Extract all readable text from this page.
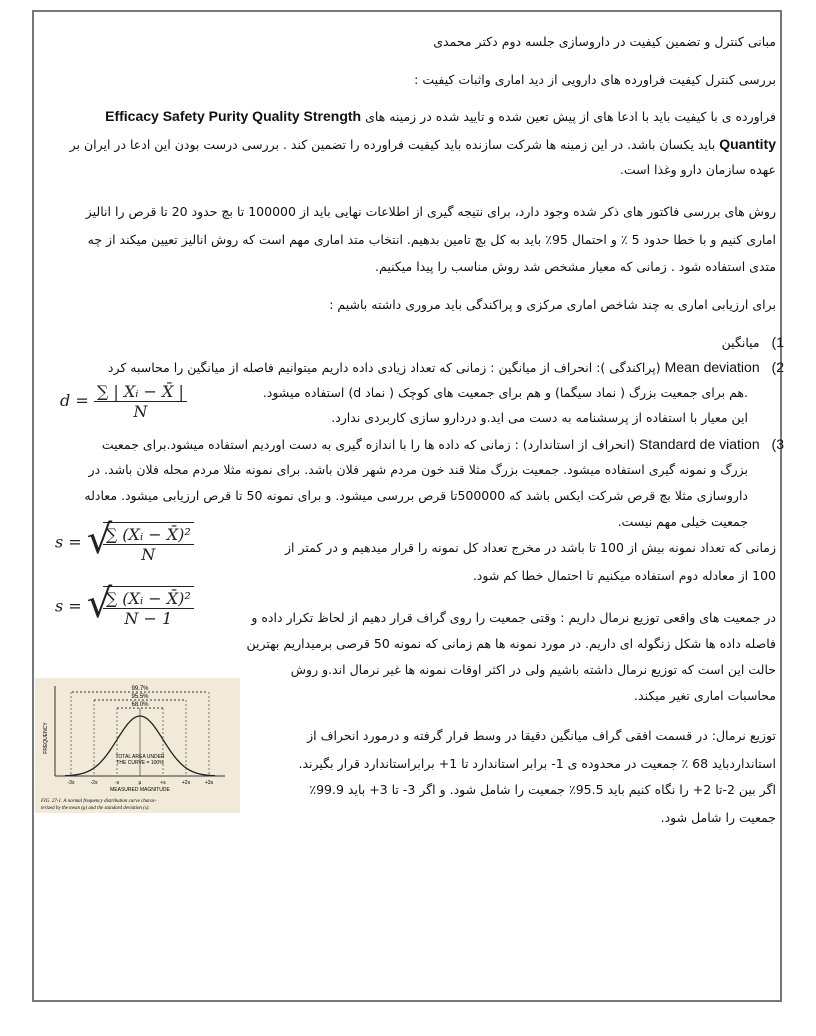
مبانی کنترل و تضمین کیفیت در داروسازی جلسه دوم دکتر محمدی
بررسی کنترل کیفیت فراورده های دارویی از دید اماری واثبات کیفیت :
فراورده ی با کیفیت باید با ادعا های از پیش تعین شده و تایید شده در زمینه های Efficacy Safety Purity Quality Strength
Quantity باید یکسان باشد. در این زمینه ها شرکت سازنده باید کیفیت فراورده را تضمین کند . بررسی درست بودن این ادعا در ایران بر
عهده سازمان دارو وغذا است.
روش های بررسی فاکتور های ذکر شده وجود دارد، برای نتیجه گیری از اطلاعات نهایی باید از 100000 تا بچ حدود 20 تا قرص را انالیز
اماری کنیم و با خطا حدود 5 ٪ و احتمال 95٪ باید به کل بچ تامین بدهیم. انتخاب متد اماری مهم است که روش انالیز تعیین میکند از چه
متدی استفاده شود . زمانی که معیار مشخص شد روش مناسب را پیدا میکنیم.
برای ارزیابی اماری به چند شاخص اماری مرکزی و پراکندگی باید مروری داشته باشیم :
1)   میانگین
2)   Mean deviation (پراکندگی ): انحراف از میانگین : زمانی که تعداد زیادی داده داریم میتوانیم فاصله از میانگین را محاسبه کرد
.هم برای جمعیت بزرگ ( نماد سیگما) و هم برای جمعیت های کوچک ( نماد d) استفاده میشود.
این معیار با استفاده از پرسشنامه به دست می اید.و دردارو سازی کاربردی ندارد.
$d = \frac{\text{∑ | Xᵢ − X̄ |}}{N}$
3)   Standard de viation (انحراف از استاندارد) : زمانی که داده ها را با اندازه گیری به دست اوردیم استفاده میشود.برای جمعیت
بزرگ و نمونه گیری استفاده میشود. جمعیت بزرگ مثلا قند خون مردم شهر فلان باشد. برای نمونه مثلا مردم محله فلان باشد. در
داروسازی مثلا بچ قرص شرکت ایکس باشد که 500000تا قرص بررسی میشود. و برای نمونه 50 تا قرص ارزیابی میشود. معادله
جمعیت خیلی مهم نیست.
s = √
$\frac{\text{∑ (Xᵢ − X̄)²}}{N}$	زمانی که تعداد نمونه بیش از 100 تا باشد در مخرج تعداد کل نمونه را قرار میدهیم و در کمتر از
100 از معادله دوم استفاده میکنیم تا احتمال خطا کم شود.
s = √
$\frac{\text{∑ (Xᵢ − X̄)²}}{N - 1}$	در جمعیت های واقعی توزیع نرمال داریم : وقتی جمعیت را روی گراف قرار دهیم از لحاظ تکرار داده و
فاصله داده ها شکل زنگوله ای داریم. در مورد نمونه ها هم زمانی که نمونه 50 قرصی برمیداریم بهترین
حالت این است که توزیع نرمال داشته باشیم ولی در اکثر اوقات نمونه ها غیر نرمال اند.و روش
محاسبات اماری تغیر میکند.
توزیع نرمال: در قسمت افقی گراف میانگین دقیقا در وسط قرار گرفته و درمورد انحراف از
استانداردباید 68 ٪ جمعیت در محدوده ی 1- برابر استاندارد تا 1+ برابراستاندارد قرار بگیرند.
اگر بین 2-تا 2+ را نگاه کنیم باید 95.5٪ جمعیت را شامل شود. و اگر 3- تا 3+ باید 99.9٪
جمعیت را شامل شود.
99.7%
95.5%
68.0%
TOTAL AREA UNDER
THE CURVE = 100%
FREQUENCY
-3s	-2s	-s	μ	+s	+2s	+3s
MEASURED MAGNITUDE
FIG. 27-1. A normal frequency distribution curve charac-
terized by the mean (μ) and the standard deviation (s).
